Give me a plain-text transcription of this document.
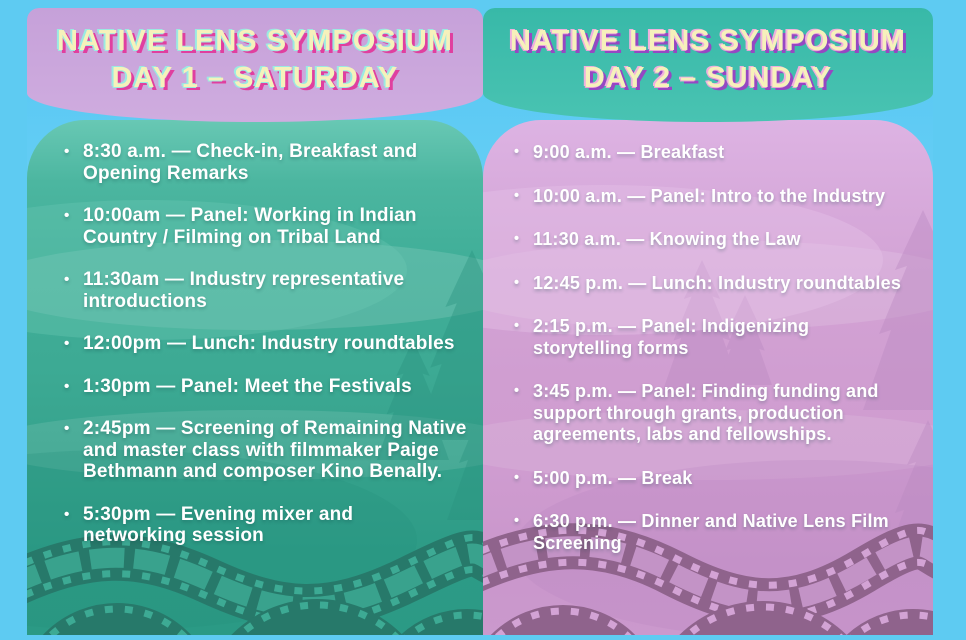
• 8:30 a.m. — Check-in, Breakfast and Opening Remarks
• 10:00am — Panel: Working in Indian Country / Filming on Tribal Land
• 11:30am — Industry representative introductions
• 12:00pm — Lunch: Industry roundtables
• 1:30pm — Panel: Meet the Festivals
• 2:45pm — Screening of Remaining Native and master class with filmmaker Paige Bethmann and composer Kino Benally.
• 5:30pm — Evening mixer and networking session
NATIVE LENS SYMPOSIUM
DAY 1 – SATURDAY
• 9:00 a.m. — Breakfast
• 10:00 a.m. — Panel: Intro to the Industry
• 11:30 a.m. — Knowing the Law
• 12:45 p.m. — Lunch: Industry roundtables
• 2:15 p.m. — Panel: Indigenizing storytelling forms
• 3:45 p.m. — Panel: Finding funding and support through grants, production agreements, labs and fellowships.
• 5:00 p.m. — Break
• 6:30 p.m. — Dinner and Native Lens Film Screening
NATIVE LENS SYMPOSIUM
DAY 2 – SUNDAY
